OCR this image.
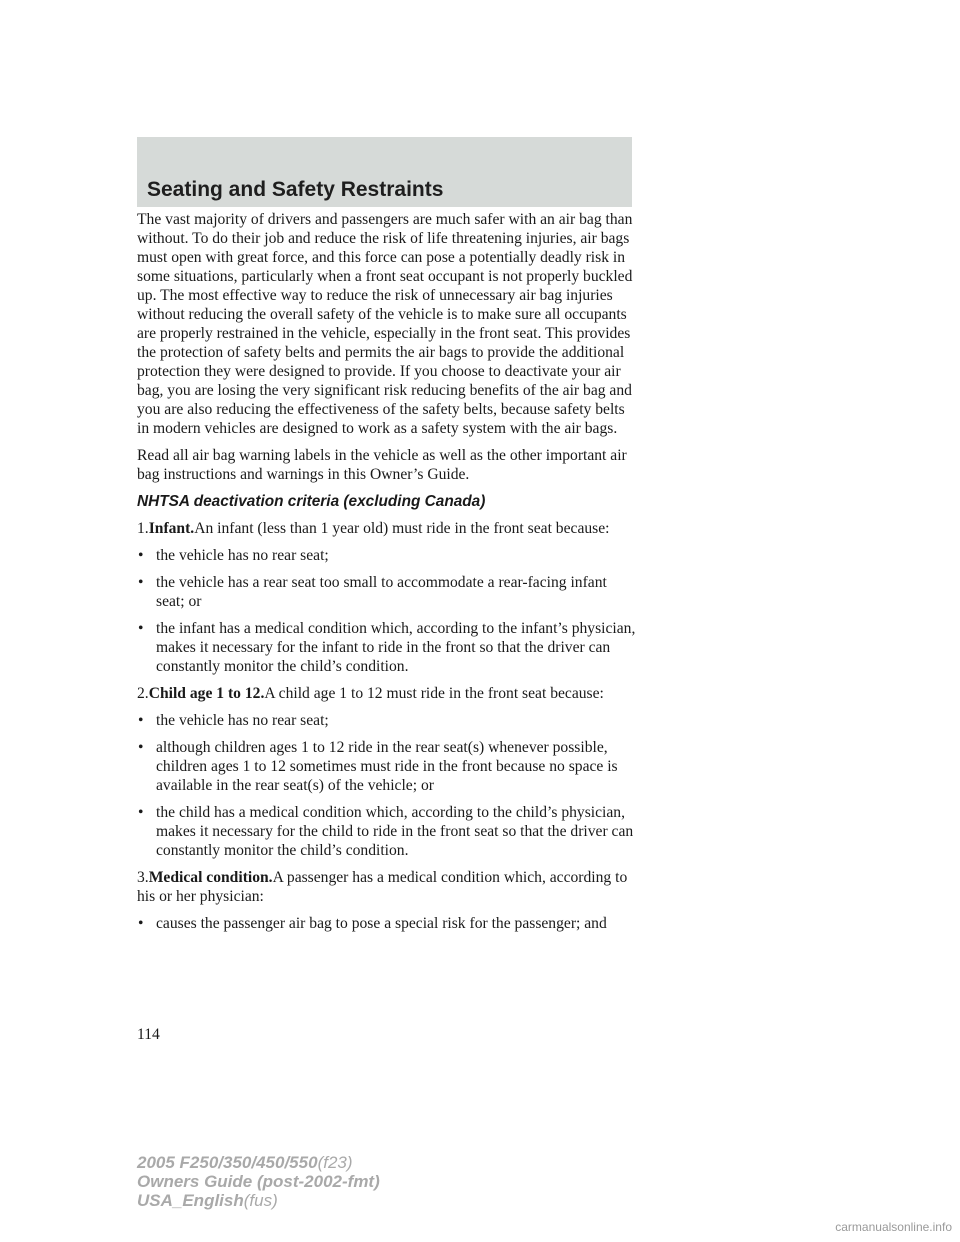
Seating and Safety Restraints

The vast majority of drivers and passengers are much safer with an air bag than without. To do their job and reduce the risk of life threatening injuries, air bags must open with great force, and this force can pose a potentially deadly risk in some situations, particularly when a front seat occupant is not properly buckled up. The most effective way to reduce the risk of unnecessary air bag injuries without reducing the overall safety of the vehicle is to make sure all occupants are properly restrained in the vehicle, especially in the front seat. This provides the protection of safety belts and permits the air bags to provide the additional protection they were designed to provide. If you choose to deactivate your air bag, you are losing the very significant risk reducing benefits of the air bag and you are also reducing the effectiveness of the safety belts, because safety belts in modern vehicles are designed to work as a safety system with the air bags.

Read all air bag warning labels in the vehicle as well as the other important air bag instructions and warnings in this Owner’s Guide.

NHTSA deactivation criteria (excluding Canada)

1.Infant.An infant (less than 1 year old) must ride in the front seat because:

• the vehicle has no rear seat;
• the vehicle has a rear seat too small to accommodate a rear-facing infant seat; or
• the infant has a medical condition which, according to the infant’s physician, makes it necessary for the infant to ride in the front so that the driver can constantly monitor the child’s condition.

2.Child age 1 to 12.A child age 1 to 12 must ride in the front seat because:

• the vehicle has no rear seat;
• although children ages 1 to 12 ride in the rear seat(s) whenever possible, children ages 1 to 12 sometimes must ride in the front because no space is available in the rear seat(s) of the vehicle; or
• the child has a medical condition which, according to the child’s physician, makes it necessary for the child to ride in the front seat so that the driver can constantly monitor the child’s condition.

3.Medical condition.A passenger has a medical condition which, according to his or her physician:

• causes the passenger air bag to pose a special risk for the passenger; and

114

2005 F250/350/450/550(f23)
Owners Guide (post-2002-fmt)
USA_English(fus)
carmanualsonline.info
